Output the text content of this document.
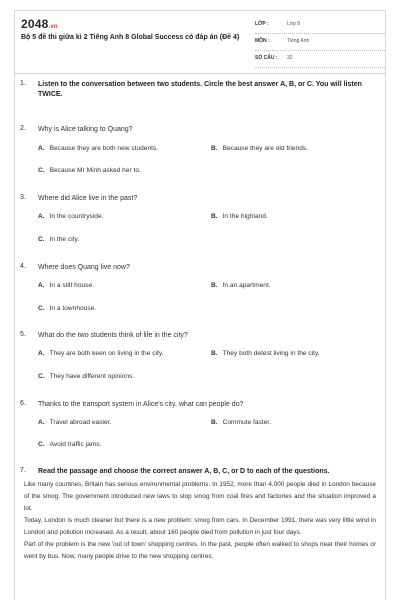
2048.vn
Bộ 5 đề thi giữa kì 2 Tiếng Anh 8 Global Success có đáp án (Đề 4)
LỚP :	Lớp 8
MÔN :	Tiếng Anh
SỐ CÂU : 32
1.	Listen to the conversation between two students. Circle the best answer A, B, or C. You will listen TWICE.
2.	Why is Alice talking to Quang?
A. Because they are both new students.	B. Because they are old friends.
C. Because Mr Minh asked her to.
3.	Where did Alice live in the past?
A. In the countryside.	B. In the highland.
C. In the city.
4.	Where does Quang live now?
A. In a stilt house.	B. In an apartment.
C. In a townhouse.
5.	What do the two students think of life in the city?
A. They are both keen on living in the city.	B. They both detest living in the city.
C. They have different opinions.
6.	Thanks to the transport system in Alice's city, what can people do?
A. Travel abroad easier.	B. Commute faster.
C. Avoid traffic jams.
7.	Read the passage and choose the correct answer A, B, C, or D to each of the questions.

Like many countries, Britain has serious environmental problems. In 1952, more than 4,000 people died in London because of the smog. The government introduced new laws to stop smog from coal fires and factories and the situation improved a lot.

Today, London is much cleaner but there is a new problem: smog from cars. In December 1991, there was very little wind in London and pollution increased. As a result, about 160 people died from pollution in just four days.

Part of the problem is the new 'out of town' shopping centres. In the past, people often walked to shops near their homes or went by bus. Now, many people drive to the new shopping centres.
